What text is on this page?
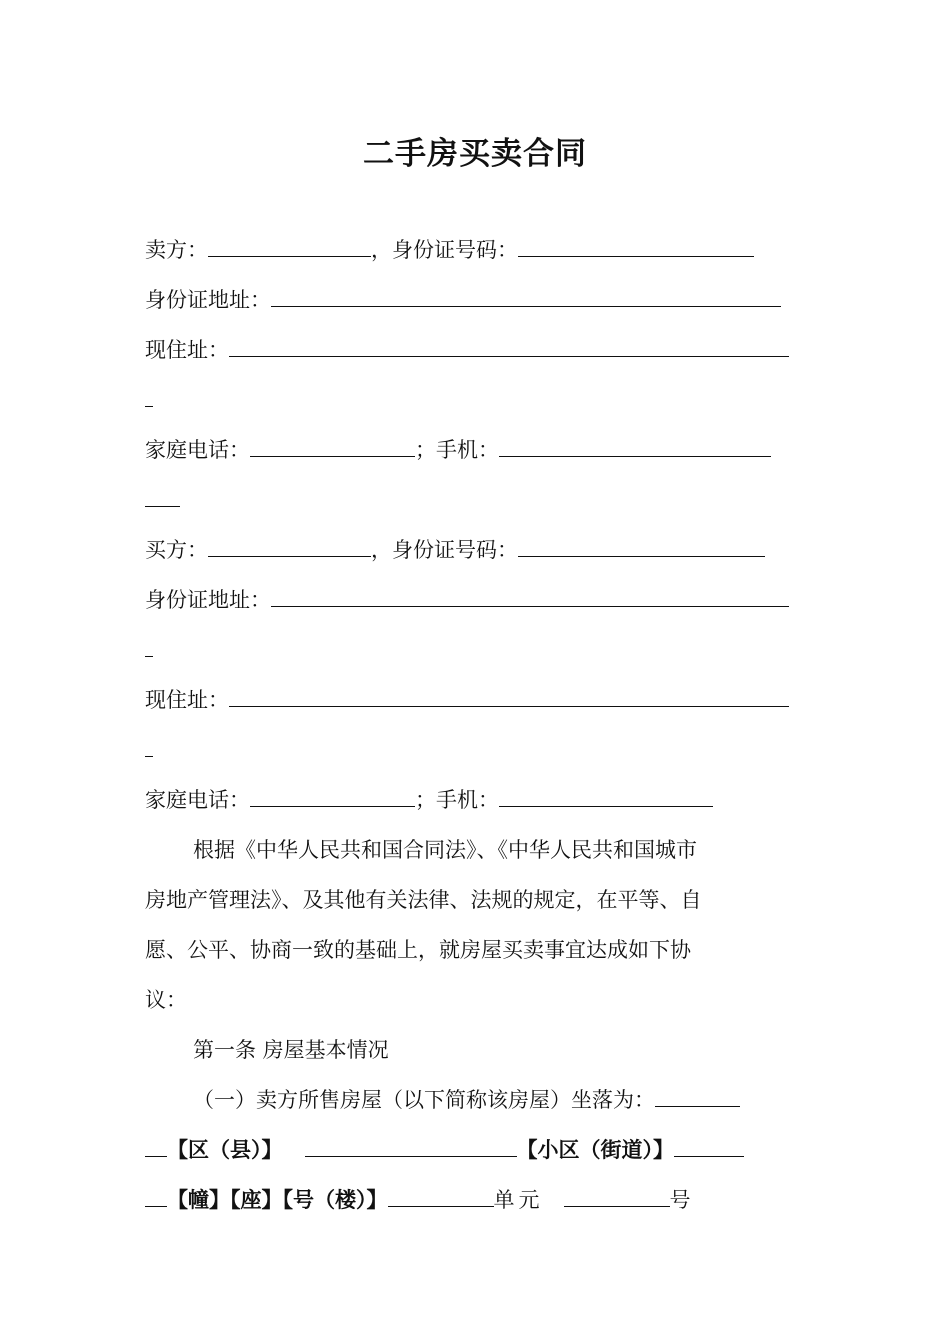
二手房买卖合同
卖方：	，身份证号码：
身份证地址：
现住址：
家庭电话：	；手机：
买方：	，身份证号码：
身份证地址：
现住址：
家庭电话：	；手机：
根据《中华人民共和国合同法》、《中华人民共和国城市
房地产管理法》、及其他有关法律、法规的规定，在平等、自
愿、公平、协商一致的基础上，就房屋买卖事宜达成如下协
议：
第一条 房屋基本情况
（一）卖方所售房屋（以下简称该房屋）坐落为：
【区（县）】	【小区（街道）】
【幢】【座】【号（楼）】	单元	号
